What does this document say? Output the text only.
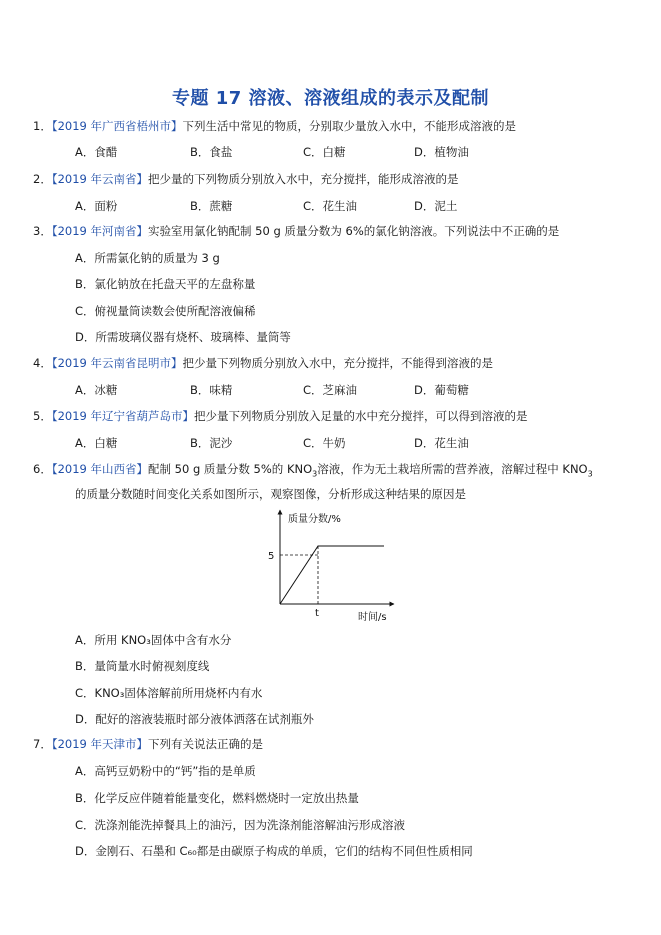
专题 17 溶液、溶液组成的表示及配制
1．【2019 年广西省梧州市】下列生活中常见的物质，分别取少量放入水中，不能形成溶液的是
A．食醋	B．食盐	C．白糖	D．植物油
2．【2019 年云南省】把少量的下列物质分别放入水中，充分搅拌，能形成溶液的是
A．面粉	B．蔗糖	C．花生油	D．泥土
3．【2019 年河南省】实验室用氯化钠配制 50 g 质量分数为 6%的氯化钠溶液。下列说法中不正确的是
A．所需氯化钠的质量为 3 g
B．氯化钠放在托盘天平的左盘称量
C．俯视量筒读数会使所配溶液偏稀
D．所需玻璃仪器有烧杯、玻璃棒、量筒等
4．【2019 年云南省昆明市】把少量下列物质分别放入水中，充分搅拌，不能得到溶液的是
A．冰糖	B．味精	C．芝麻油	D．葡萄糖
5．【2019 年辽宁省葫芦岛市】把少量下列物质分别放入足量的水中充分搅拌，可以得到溶液的是
A．白糖	B．泥沙	C．牛奶	D．花生油
6．【2019 年山西省】配制 50 g 质量分数 5%的 $KNO_3$溶液，作为无土栽培所需的营养液，溶解过程中 $KNO_3$
的质量分数随时间变化关系如图所示，观察图像，分析形成这种结果的原因是
质量分数/%
5
t	时间/s
A．所用 KNO₃固体中含有水分
B．量筒量水时俯视刻度线
C．KNO₃固体溶解前所用烧杯内有水
D．配好的溶液装瓶时部分液体洒落在试剂瓶外
7．【2019 年天津市】下列有关说法正确的是
A．高钙豆奶粉中的“钙”指的是单质
B．化学反应伴随着能量变化，燃料燃烧时一定放出热量
C．洗涤剂能洗掉餐具上的油污，因为洗涤剂能溶解油污形成溶液
D．金刚石、石墨和 C₆₀都是由碳原子构成的单质，它们的结构不同但性质相同
